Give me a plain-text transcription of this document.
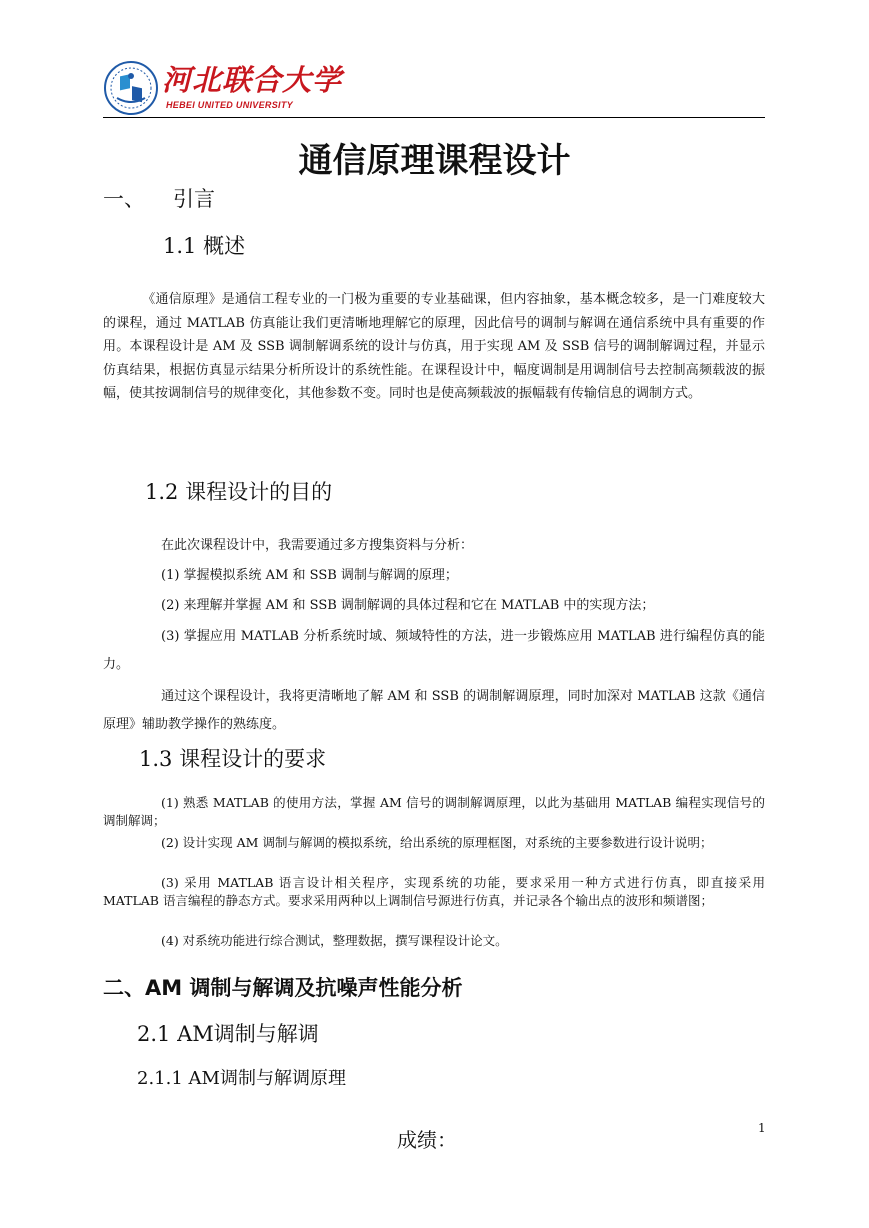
河北联合大学
HEBEI UNITED UNIVERSITY
通信原理课程设计
一、 引言
1.1 概述
《通信原理》是通信工程专业的一门极为重要的专业基础课，但内容抽象，基本概念较多，是一门难度较大的课程，通过 MATLAB 仿真能让我们更清晰地理解它的原理，因此信号的调制与解调在通信系统中具有重要的作用。本课程设计是 AM 及 SSB 调制解调系统的设计与仿真，用于实现 AM 及 SSB 信号的调制解调过程，并显示仿真结果，根据仿真显示结果分析所设计的系统性能。在课程设计中，幅度调制是用调制信号去控制高频载波的振幅，使其按调制信号的规律变化，其他参数不变。同时也是使高频载波的振幅载有传输信息的调制方式。
1.2 课程设计的目的
在此次课程设计中，我需要通过多方搜集资料与分析：
(1) 掌握模拟系统 AM 和 SSB 调制与解调的原理；
(2) 来理解并掌握 AM 和 SSB 调制解调的具体过程和它在 MATLAB 中的实现方法；
(3) 掌握应用 MATLAB 分析系统时域、频域特性的方法，进一步锻炼应用 MATLAB 进行编程仿真的能力。
通过这个课程设计，我将更清晰地了解 AM 和 SSB 的调制解调原理，同时加深对 MATLAB 这款《通信原理》辅助教学操作的熟练度。
1.3 课程设计的要求
(1) 熟悉 MATLAB 的使用方法，掌握 AM 信号的调制解调原理，以此为基础用 MATLAB 编程实现信号的调制解调；
(2) 设计实现 AM 调制与解调的模拟系统，给出系统的原理框图，对系统的主要参数进行设计说明；
(3) 采用 MATLAB 语言设计相关程序，实现系统的功能，要求采用一种方式进行仿真，即直接采用 MATLAB 语言编程的静态方式。要求采用两种以上调制信号源进行仿真，并记录各个输出点的波形和频谱图；
(4) 对系统功能进行综合测试，整理数据，撰写课程设计论文。
二、AM 调制与解调及抗噪声性能分析
2.1 AM调制与解调
2.1.1 AM调制与解调原理
1
成绩：
